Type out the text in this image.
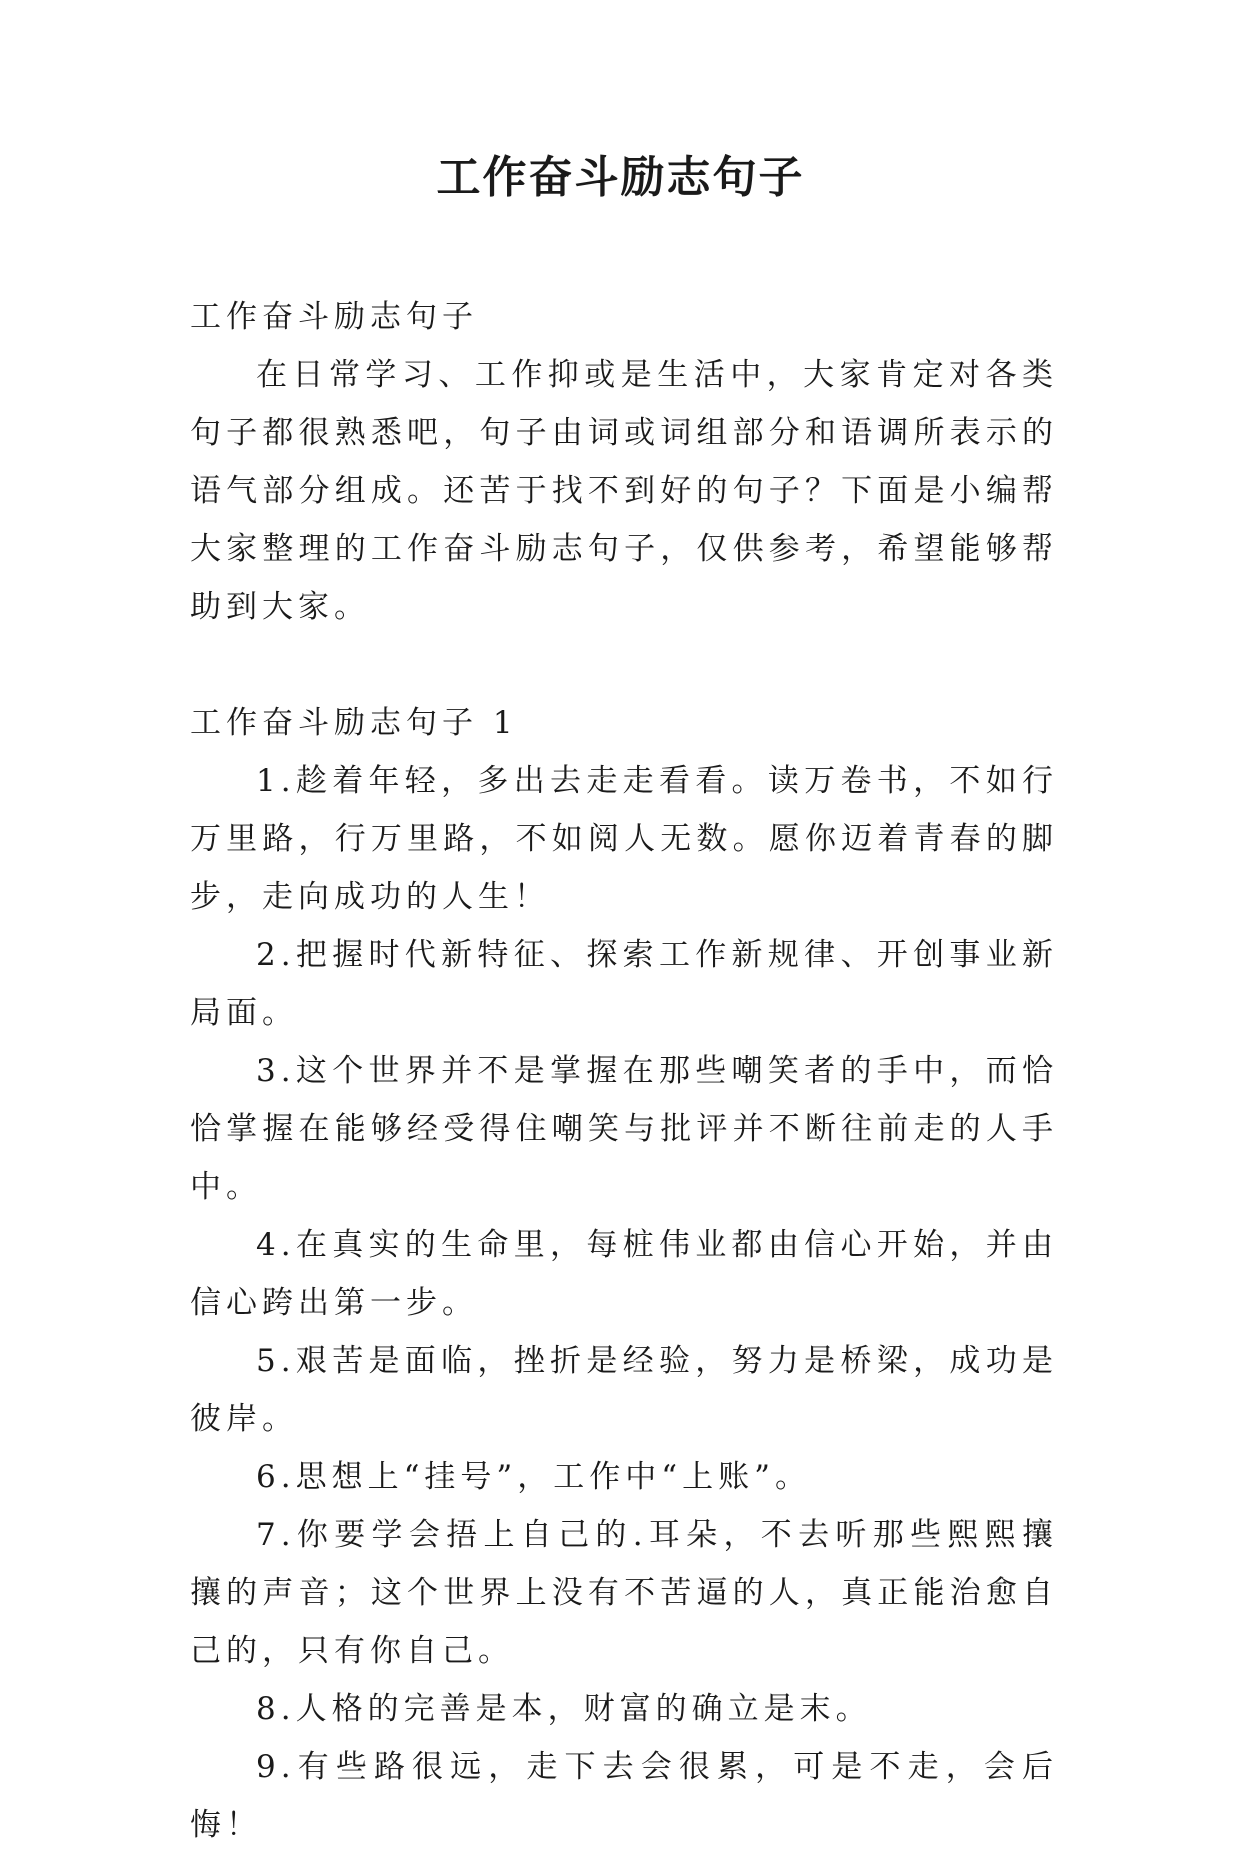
工作奋斗励志句子

工作奋斗励志句子

在日常学习、工作抑或是生活中，大家肯定对各类句子都很熟悉吧，句子由词或词组部分和语调所表示的语气部分组成。还苦于找不到好的句子？下面是小编帮大家整理的工作奋斗励志句子，仅供参考，希望能够帮助到大家。

工作奋斗励志句子 1

1.趁着年轻，多出去走走看看。读万卷书，不如行万里路，行万里路，不如阅人无数。愿你迈着青春的脚步，走向成功的人生！

2.把握时代新特征、探索工作新规律、开创事业新局面。

3.这个世界并不是掌握在那些嘲笑者的手中，而恰恰掌握在能够经受得住嘲笑与批评并不断往前走的人手中。

4.在真实的生命里，每桩伟业都由信心开始，并由信心跨出第一步。

5.艰苦是面临，挫折是经验，努力是桥梁，成功是彼岸。

6.思想上“挂号”，工作中“上账”。

7.你要学会捂上自己的.耳朵，不去听那些熙熙攘攘的声音；这个世界上没有不苦逼的人，真正能治愈自己的，只有你自己。

8.人格的完善是本，财富的确立是末。

9.有些路很远，走下去会很累，可是不走，会后悔！
